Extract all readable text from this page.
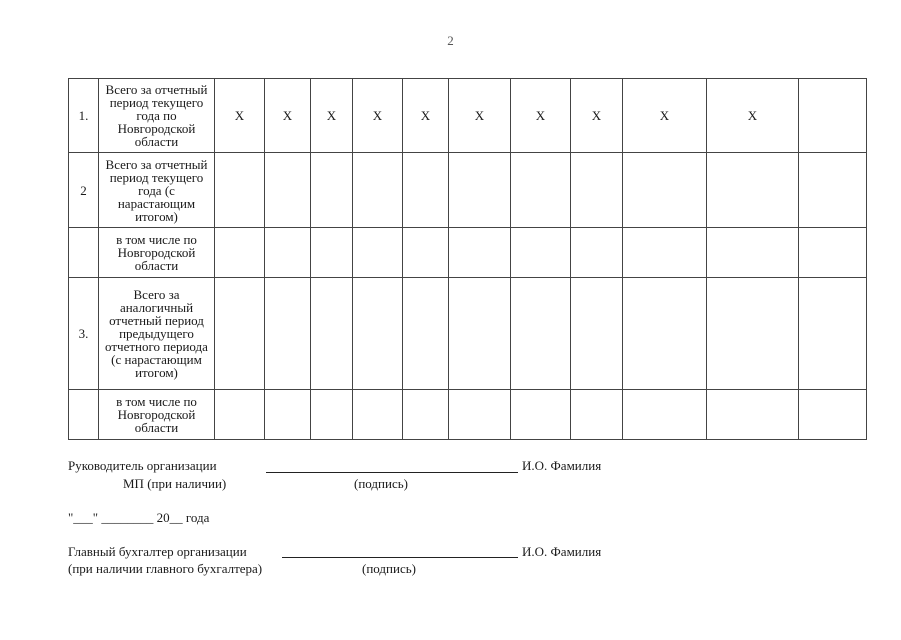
2
1.	Всего за отчетный период текущего года по Новгородской области	X	X	X	X	X	X	X	X	X	X	
2	Всего за отчетный период текущего года (с нарастающим итогом)											
	в том числе по Новгородской области											
3.	Всего за аналогичный отчетный период предыдущего отчетного периода (с нарастающим итогом)											
	в том числе по Новгородской области											
Руководитель организации	И.О. Фамилия
МП (при наличии)	(подпись)
"___" ________ 20__ года
Главный бухгалтер организации	И.О. Фамилия
(при наличии главного бухгалтера)	(подпись)
